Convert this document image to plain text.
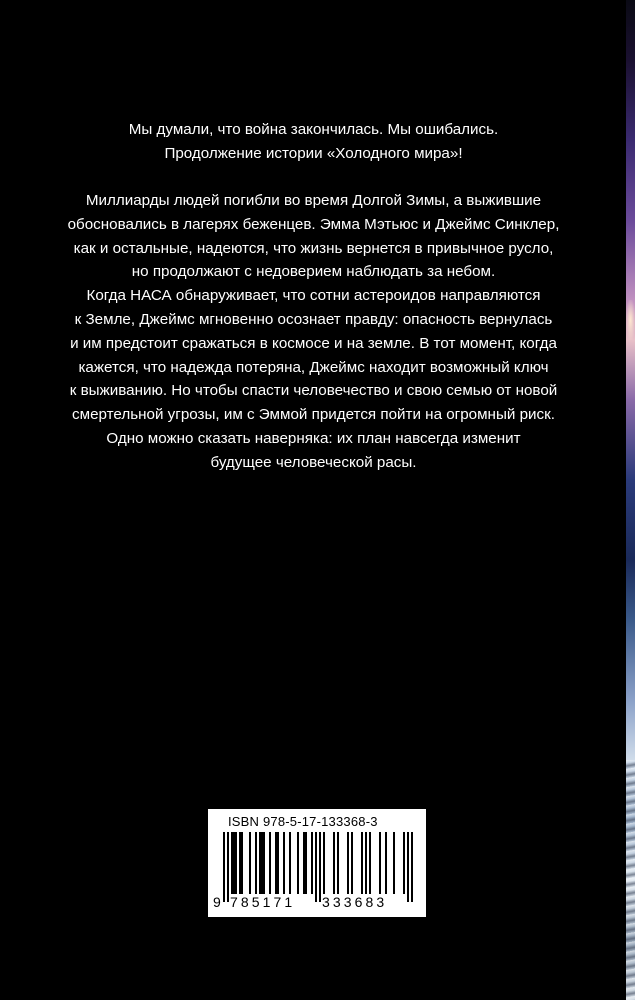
Мы думали, что война закончилась. Мы ошибались.
Продолжение истории «Холодного мира»!

Миллиарды людей погибли во время Долгой Зимы, а выжившие
обосновались в лагерях беженцев. Эмма Мэтьюс и Джеймс Синклер,
как и остальные, надеются, что жизнь вернется в привычное русло,
но продолжают с недоверием наблюдать за небом.
Когда НАСА обнаруживает, что сотни астероидов направляются
к Земле, Джеймс мгновенно осознает правду: опасность вернулась
и им предстоит сражаться в космосе и на земле. В тот момент, когда
кажется, что надежда потеряна, Джеймс находит возможный ключ
к выживанию. Но чтобы спасти человечество и свою семью от новой
смертельной угрозы, им с Эммой придется пойти на огромный риск.
Одно можно сказать наверняка: их план навсегда изменит
будущее человеческой расы.

ISBN 978-5-17-133368-3
9 785171 333683
